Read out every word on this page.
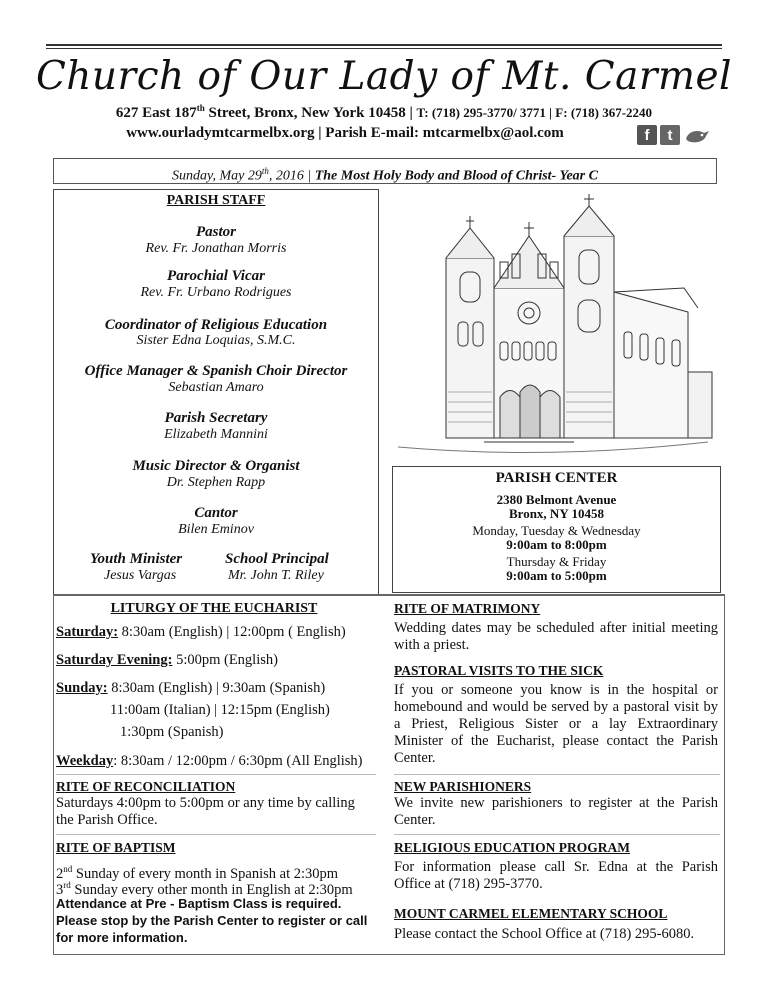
Church of Our Lady of Mt. Carmel
627 East 187th Street, Bronx, New York 10458 | T: (718) 295-3770/ 3771 | F: (718) 367-2240
www.ourladymtcarmelbx.org | Parish E-mail: mtcarmelbx@aol.com	f	t
Sunday, May 29th, 2016 | The Most Holy Body and Blood of Christ- Year C
PARISH STAFF
Pastor
Rev. Fr. Jonathan Morris
Parochial Vicar
Rev. Fr. Urbano Rodrigues
Coordinator of Religious Education
Sister Edna Loquias, S.M.C.
Office Manager & Spanish Choir Director
Sebastian Amaro
Parish Secretary
Elizabeth Mannini
Music Director & Organist
Dr. Stephen Rapp
Cantor
Bilen Eminov
Youth Minister
Jesus Vargas
School Principal
Mr. John T. Riley
PARISH CENTER
2380 Belmont Avenue
Bronx, NY 10458
Monday, Tuesday & Wednesday
9:00am to 8:00pm
Thursday & Friday
9:00am to 5:00pm
LITURGY OF THE EUCHARIST
Saturday: 8:30am (English) | 12:00pm ( English)
Saturday Evening: 5:00pm (English)
Sunday: 8:30am (English) | 9:30am (Spanish)
11:00am (Italian) | 12:15pm (English)
1:30pm (Spanish)
Weekday: 8:30am / 12:00pm / 6:30pm (All English)
RITE OF RECONCILIATION
Saturdays 4:00pm to 5:00pm or any time by calling the Parish Office.
RITE OF BAPTISM
2nd Sunday of every month in Spanish at 2:30pm
3rd Sunday every other month in English at 2:30pm
Attendance at Pre - Baptism Class is required. Please stop by the Parish Center to register or call for more information.
RITE OF MATRIMONY
Wedding dates may be scheduled after initial meeting with a priest.
PASTORAL VISITS TO THE SICK
If you or someone you know is in the hospital or homebound and would be served by a pastoral visit by a Priest, Religious Sister or a lay Extraordinary Minister of the Eucharist, please contact the Parish Center.
NEW PARISHIONERS
We invite new parishioners to register at the Parish Center.
RELIGIOUS EDUCATION PROGRAM
For information please call Sr. Edna at the Parish Office at (718) 295-3770.
MOUNT CARMEL ELEMENTARY SCHOOL
Please contact the School Office at (718) 295-6080.
